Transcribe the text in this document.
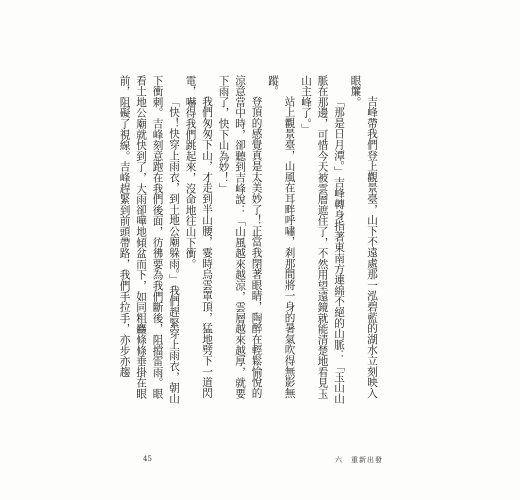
吉峰帶我們登上觀景臺，山下不遠處那一泓碧藍的湖水立刻映入眼簾。

「那是日月潭。」吉峰轉身指著東南方連綿不絕的山脈：「玉山山脈在那邊，可惜今天被雲層遮住了，不然用望遠鏡就能清楚地看見玉山主峰了。」

站上觀景臺，山風在耳畔呼嘯，剎那間將一身的暑氣吹得無影無蹤。

登頂的感覺真是太美妙了！正當我閉著眼睛，陶醉在輕鬆愉悅的涼意當中時，卻聽到吉峰說：「山風越來越涼，雲層越來越厚，就要下雨了，快下山為妙！」

我們匆匆下山，才走到半山腰，霎時烏雲罩頂，猛地劈下一道閃電，嚇得我們跳起來，沒命地往山下衝。

「快！快穿上雨衣，到土地公廟躲雨。」我們趕緊穿上雨衣，朝山下衝刺。吉峰刻意跑在我們後面，彷彿要為我們斷後，阻擋雷雨。眼看土地公廟就快到了，大雨卻嘩地傾盆而下，如同粗麤條條垂掛在眼前，阻礙了視線。吉峰趕緊到前頭帶路，我們手拉手，亦步亦趨

45	六　重新出發
